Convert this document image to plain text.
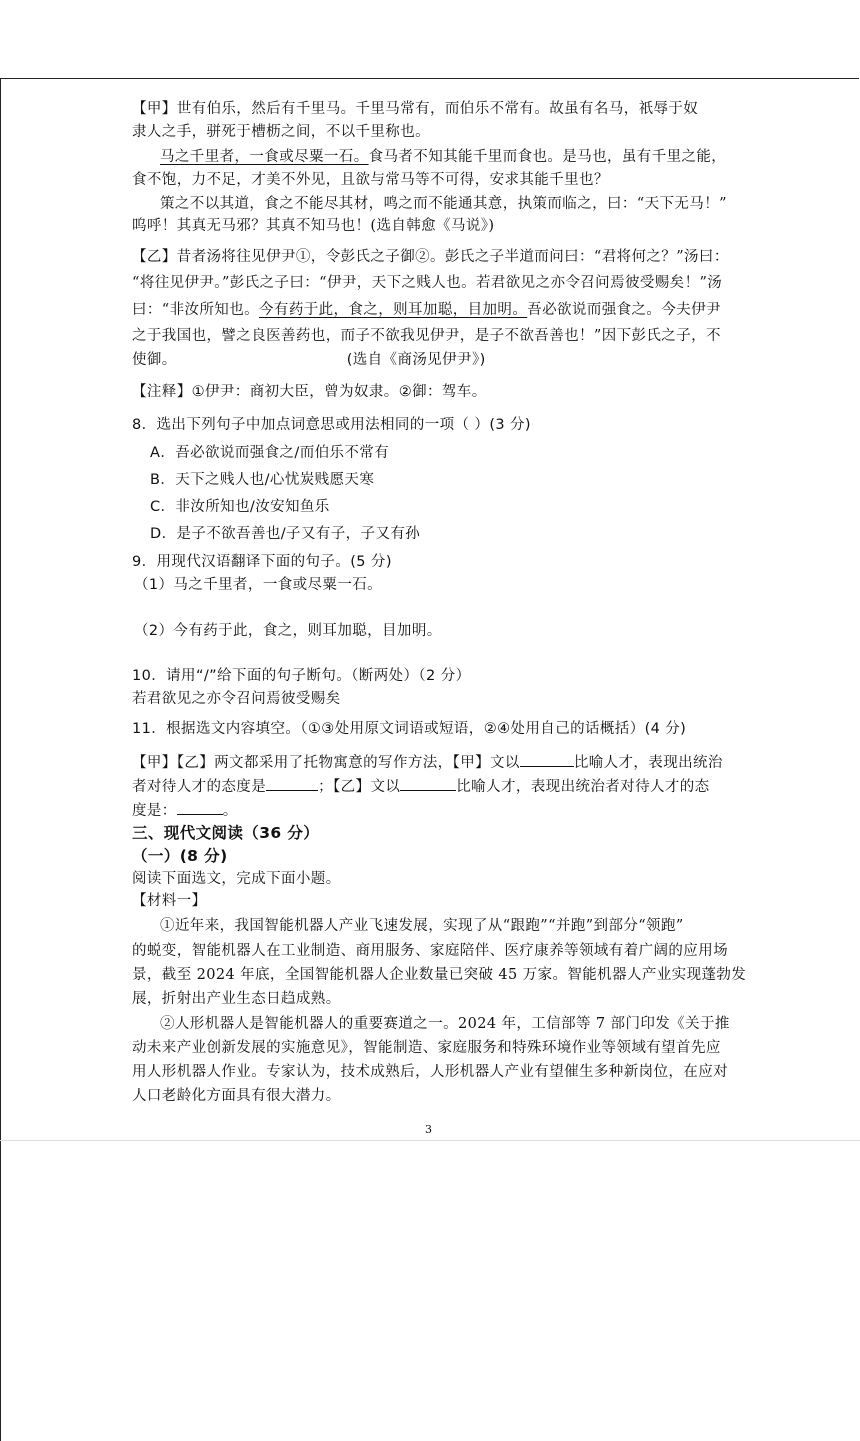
【甲】世有伯乐，然后有千里马。千里马常有，而伯乐不常有。故虽有名马，祇辱于奴
隶人之手，骈死于槽枥之间，不以千里称也。
马之千里者，一食或尽粟一石。食马者不知其能千里而食也。是马也，虽有千里之能，
食不饱，力不足，才美不外见，且欲与常马等不可得，安求其能千里也？
策之不以其道，食之不能尽其材，鸣之而不能通其意，执策而临之，曰：“天下无马！”
呜呼！其真无马邪？其真不知马也！(选自韩愈《马说》)
【乙】昔者汤将往见伊尹①，令彭氏之子御②。彭氏之子半道而问曰：“君将何之？”汤曰：
“将往见伊尹。”彭氏之子曰：“伊尹，天下之贱人也。若君欲见之亦令召问焉彼受赐矣！”汤
曰：“非汝所知也。今有药于此，食之，则耳加聪，目加明。吾必欲说而强食之。今夫伊尹
之于我国也，譬之良医善药也，而子不欲我见伊尹，是子不欲吾善也！”因下彭氏之子，不
使御。	(选自《商汤见伊尹》)
【注释】①伊尹：商初大臣，曾为奴隶。②御：驾车。
8．选出下列句子中加点词意思或用法相同的一项（ ）(3 分)
A．吾必欲说而强食之/而伯乐不常有
B．天下之贱人也/心忧炭贱愿天寒
C．非汝所知也/汝安知鱼乐
D．是子不欲吾善也/子又有子，子又有孙
9．用现代汉语翻译下面的句子。(5 分)
（1）马之千里者，一食或尽粟一石。
（2）今有药于此，食之，则耳加聪，目加明。
10．请用“/”给下面的句子断句。（断两处）（2 分）
若君欲见之亦令召问焉彼受赐矣
11．根据选文内容填空。（①③处用原文词语或短语，②④处用自己的话概括）(4 分)
【甲】【乙】两文都采用了托物寓意的写作方法，【甲】文以	比喻人才，表现出统治
者对待人才的态度是	；【乙】文以	比喻人才，表现出统治者对待人才的态
度是：	。
三、现代文阅读（36 分）
（一）(8 分)
阅读下面选文，完成下面小题。
【材料一】
①近年来，我国智能机器人产业飞速发展，实现了从“跟跑”“并跑”到部分“领跑”
的蜕变，智能机器人在工业制造、商用服务、家庭陪伴、医疗康养等领域有着广阔的应用场
景，截至 2024 年底，全国智能机器人企业数量已突破 45 万家。智能机器人产业实现蓬勃发
展，折射出产业生态日趋成熟。
②人形机器人是智能机器人的重要赛道之一。2024 年，工信部等 7 部门印发《关于推
动未来产业创新发展的实施意见》，智能制造、家庭服务和特殊环境作业等领域有望首先应
用人形机器人作业。专家认为，技术成熟后，人形机器人产业有望催生多种新岗位，在应对
人口老龄化方面具有很大潜力。
3
